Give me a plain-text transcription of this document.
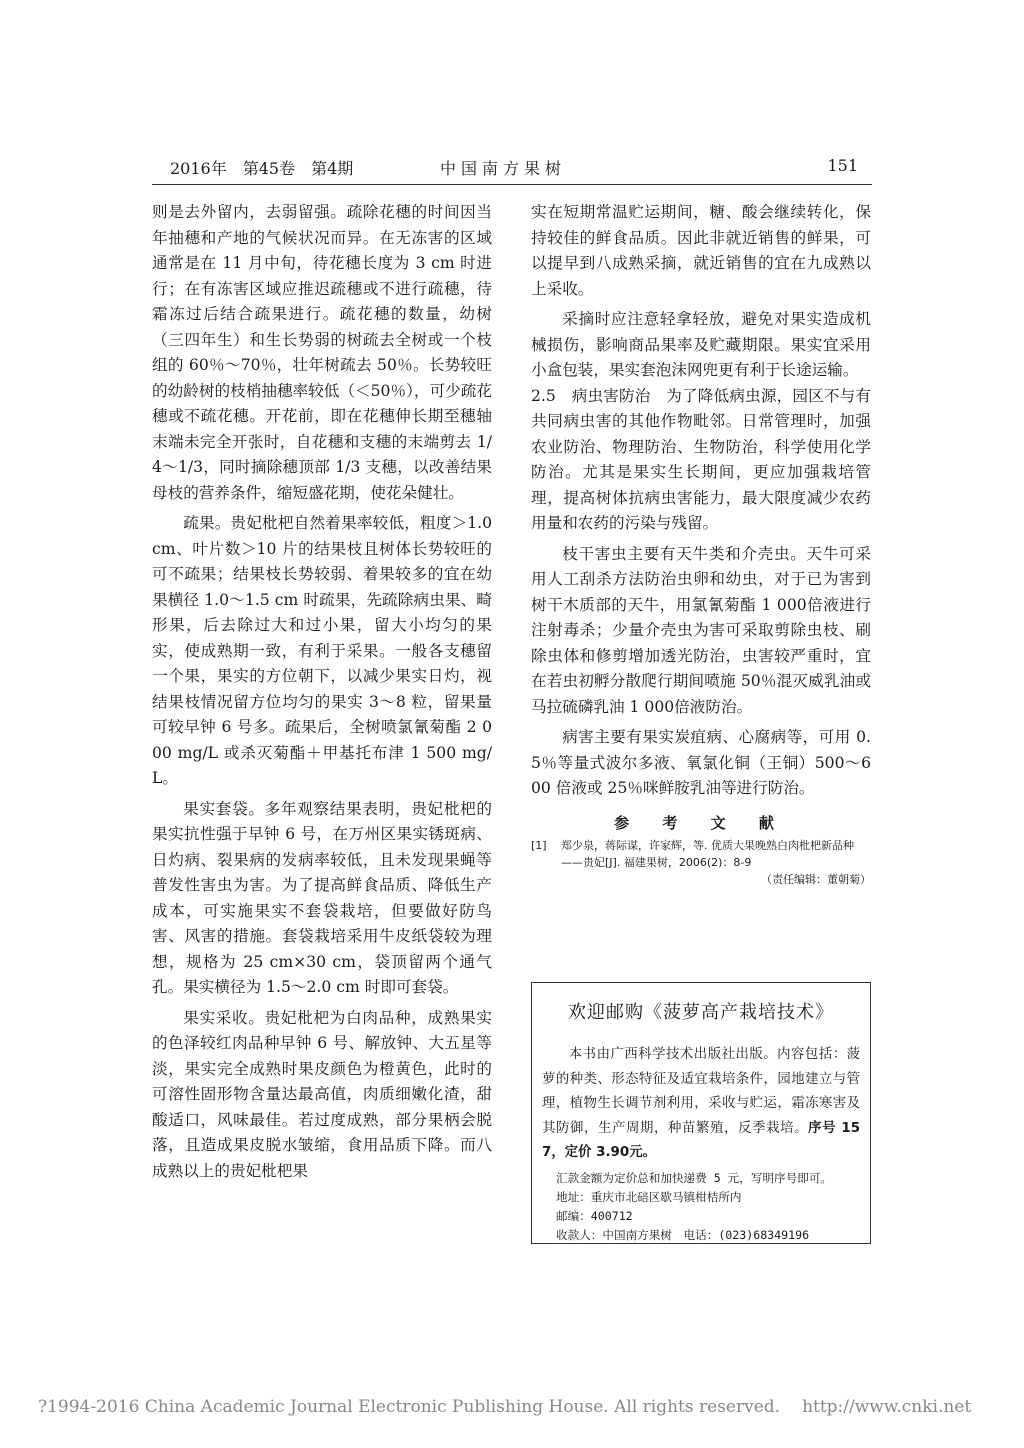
2016年　第45卷　第4期	中国南方果树	151

则是去外留内，去弱留强。疏除花穗的时间因当年抽穗和产地的气候状况而异。在无冻害的区域通常是在 11 月中旬，待花穗长度为 3 cm 时进行；在有冻害区域应推迟疏穗或不进行疏穗，待霜冻过后结合疏果进行。疏花穗的数量，幼树（三四年生）和生长势弱的树疏去全树或一个枝组的 60％～70％，壮年树疏去 50％。长势较旺的幼龄树的枝梢抽穗率较低（＜50％），可少疏花穗或不疏花穗。开花前，即在花穗伸长期至穗轴末端未完全开张时，自花穗和支穗的末端剪去 1/4～1/3，同时摘除穗顶部 1/3 支穗，以改善结果母枝的营养条件，缩短盛花期，使花朵健壮。

疏果。贵妃枇杷自然着果率较低，粗度＞1.0 cm、叶片数＞10 片的结果枝且树体长势较旺的可不疏果；结果枝长势较弱、着果较多的宜在幼果横径 1.0～1.5 cm 时疏果，先疏除病虫果、畸形果，后去除过大和过小果，留大小均匀的果实，使成熟期一致，有利于采果。一般各支穗留一个果，果实的方位朝下，以减少果实日灼，视结果枝情况留方位均匀的果实 3～8 粒，留果量可较早钟 6 号多。疏果后，全树喷氯氰菊酯 2 000 mg/L 或杀灭菊酯＋甲基托布津 1 500 mg/L。

果实套袋。多年观察结果表明，贵妃枇杷的果实抗性强于早钟 6 号，在万州区果实锈斑病、日灼病、裂果病的发病率较低，且未发现果蝇等普发性害虫为害。为了提高鲜食品质、降低生产成本，可实施果实不套袋栽培，但要做好防鸟害、风害的措施。套袋栽培采用牛皮纸袋较为理想，规格为 25 cm×30 cm，袋顶留两个通气孔。果实横径为 1.5～2.0 cm 时即可套袋。

果实采收。贵妃枇杷为白肉品种，成熟果实的色泽较红肉品种早钟 6 号、解放钟、大五星等淡，果实完全成熟时果皮颜色为橙黄色，此时的可溶性固形物含量达最高值，肉质细嫩化渣，甜酸适口，风味最佳。若过度成熟，部分果柄会脱落，且造成果皮脱水皱缩，食用品质下降。而八成熟以上的贵妃枇杷果

实在短期常温贮运期间，糖、酸会继续转化，保持较佳的鲜食品质。因此非就近销售的鲜果，可以提早到八成熟采摘，就近销售的宜在九成熟以上采收。

采摘时应注意轻拿轻放，避免对果实造成机械损伤，影响商品果率及贮藏期限。果实宜采用小盒包装，果实套泡沫网兜更有利于长途运输。

2.5　病虫害防治　为了降低病虫源，园区不与有共同病虫害的其他作物毗邻。日常管理时，加强农业防治、物理防治、生物防治，科学使用化学防治。尤其是果实生长期间，更应加强栽培管理，提高树体抗病虫害能力，最大限度减少农药用量和农药的污染与残留。

枝干害虫主要有天牛类和介壳虫。天牛可采用人工刮杀方法防治虫卵和幼虫，对于已为害到树干木质部的天牛，用氯氰菊酯 1 000倍液进行注射毒杀；少量介壳虫为害可采取剪除虫枝、刷除虫体和修剪增加透光防治，虫害较严重时，宜在若虫初孵分散爬行期间喷施 50％混灭威乳油或马拉硫磷乳油 1 000倍液防治。

病害主要有果实炭疽病、心腐病等，可用 0.5％等量式波尔多液、氧氯化铜（王铜）500～600 倍液或 25％咪鲜胺乳油等进行防治。

参 考 文 献
[1] 郑少泉，蒋际谋，许家辉，等. 优质大果晚熟白肉枇杷新品种——贵妃[J]. 福建果树，2006(2)：8-9
（责任编辑：董朝菊）
欢迎邮购《菠萝高产栽培技术》
本书由广西科学技术出版社出版。内容包括：菠萝的种类、形态特征及适宜栽培条件，园地建立与管理，植物生长调节剂利用，采收与贮运，霜冻寒害及其防御，生产周期，种苗繁殖，反季栽培。序号 157，定价 3.90元。
汇款金额为定价总和加快递费 5 元，写明序号即可。
地址：重庆市北碚区歇马镇柑桔所内
邮编：400712
收款人：中国南方果树　电话：(023)68349196
?1994-2016 China Academic Journal Electronic Publishing House. All rights reserved. http://www.cnki.net
